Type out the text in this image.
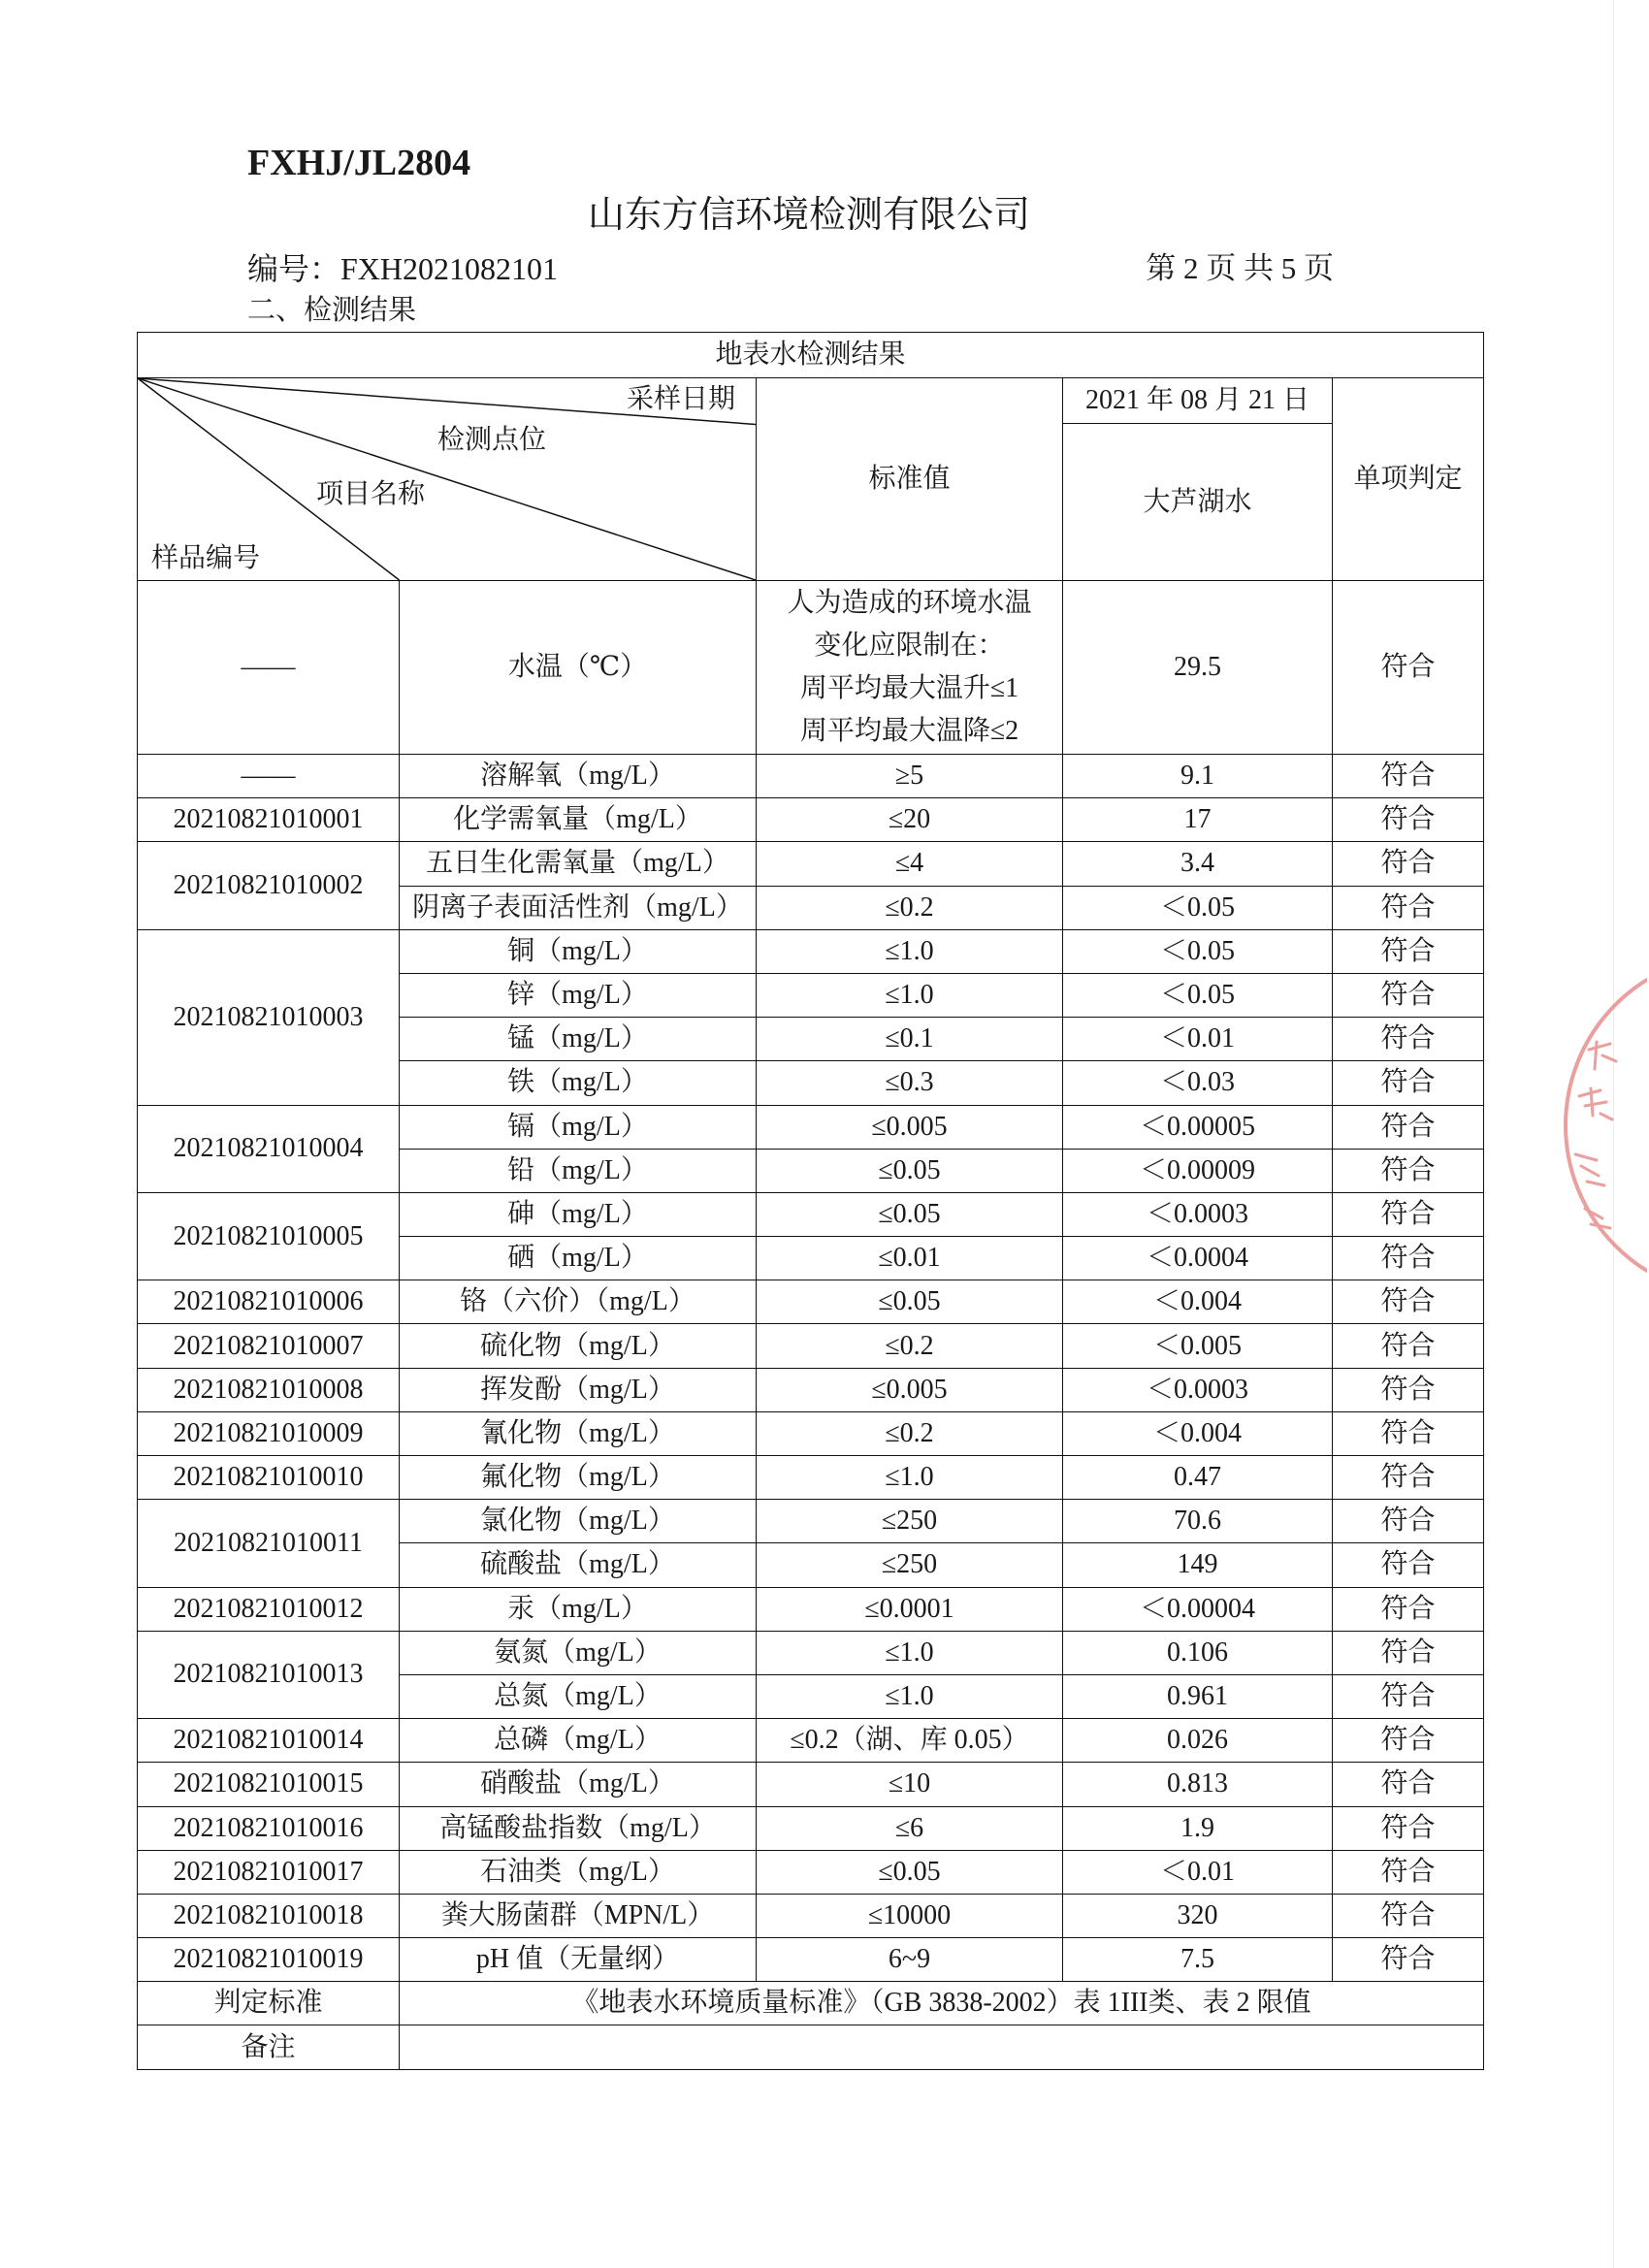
FXHJ/JL2804
山东方信环境检测有限公司
编号：FXH2021082101	第 2 页 共 5 页
二、检测结果
地表水检测结果				

采样日期
检测点位
项目名称
样品编号		标准值	2021 年 08 月 21 日	单项判定
			大芦湖水	
——	水温（℃）	人为造成的环境水温
变化应限制在：
周平均最大温升≤1
周平均最大温降≤2	29.5	符合
——	溶解氧（mg/L）	≥5	9.1	符合
20210821010001	化学需氧量（mg/L）	≤20	17	符合
20210821010002	五日生化需氧量（mg/L）	≤4	3.4	符合
	阴离子表面活性剂（mg/L）	≤0.2	＜0.05	符合
20210821010003	铜（mg/L）	≤1.0	＜0.05	符合
	锌（mg/L）	≤1.0	＜0.05	符合
	锰（mg/L）	≤0.1	＜0.01	符合
	铁（mg/L）	≤0.3	＜0.03	符合
20210821010004	镉（mg/L）	≤0.005	＜0.00005	符合
	铅（mg/L）	≤0.05	＜0.00009	符合
20210821010005	砷（mg/L）	≤0.05	＜0.0003	符合
	硒（mg/L）	≤0.01	＜0.0004	符合
20210821010006	铬（六价）（mg/L）	≤0.05	＜0.004	符合
20210821010007	硫化物（mg/L）	≤0.2	＜0.005	符合
20210821010008	挥发酚（mg/L）	≤0.005	＜0.0003	符合
20210821010009	氰化物（mg/L）	≤0.2	＜0.004	符合
20210821010010	氟化物（mg/L）	≤1.0	0.47	符合
20210821010011	氯化物（mg/L）	≤250	70.6	符合
	硫酸盐（mg/L）	≤250	149	符合
20210821010012	汞（mg/L）	≤0.0001	＜0.00004	符合
20210821010013	氨氮（mg/L）	≤1.0	0.106	符合
	总氮（mg/L）	≤1.0	0.961	符合
20210821010014	总磷（mg/L）	≤0.2（湖、库 0.05）	0.026	符合
20210821010015	硝酸盐（mg/L）	≤10	0.813	符合
20210821010016	高锰酸盐指数（mg/L）	≤6	1.9	符合
20210821010017	石油类（mg/L）	≤0.05	＜0.01	符合
20210821010018	粪大肠菌群（MPN/L）	≤10000	320	符合
20210821010019	pH 值（无量纲）	6~9	7.5	符合
判定标准	《地表水环境质量标准》（GB 3838-2002）表 1III类、表 2 限值			
备注				
